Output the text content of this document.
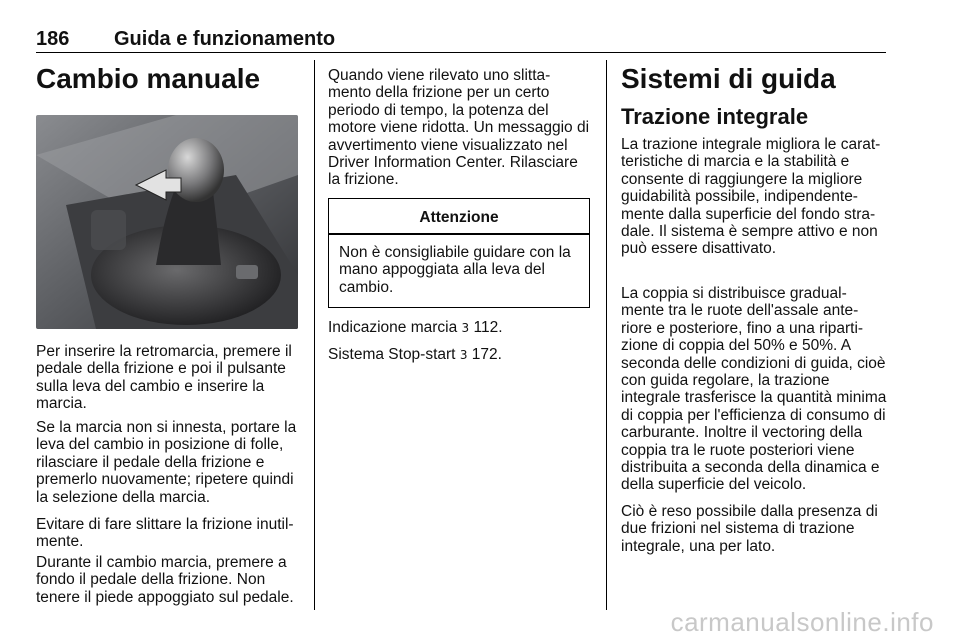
186 Guida e funzionamento
Cambio manuale

Per inserire la retromarcia, premere il pedale della frizione e poi il pulsante sulla leva del cambio e inserire la marcia.

Se la marcia non si innesta, portare la leva del cambio in posizione di folle, rilasciare il pedale della frizione e premerlo nuovamente; ripetere quindi la selezione della marcia.

Evitare di fare slittare la frizione inutil-mente.

Durante il cambio marcia, premere a fondo il pedale della frizione. Non tenere il piede appoggiato sul pedale.

Quando viene rilevato uno slitta-mento della frizione per un certo periodo di tempo, la potenza del motore viene ridotta. Un messaggio di avvertimento viene visualizzato nel Driver Information Center. Rilasciare la frizione.

Attenzione

Non è consigliabile guidare con la mano appoggiata alla leva del cambio.

Indicazione marcia 3 112.
Sistema Stop-start 3 172.
Sistemi di guida
Trazione integrale

La trazione integrale migliora le carat-teristiche di marcia e la stabilità e consente di raggiungere la migliore guidabilità possibile, indipendente-mente dalla superficie del fondo stra-dale. Il sistema è sempre attivo e non può essere disattivato.

La coppia si distribuisce gradual-mente tra le ruote dell'assale ante-riore e posteriore, fino a una riparti-zione di coppia del 50% e 50%. A seconda delle condizioni di guida, cioè con guida regolare, la trazione integrale trasferisce la quantità minima di coppia per l'efficienza di consumo di carburante. Inoltre il vectoring della coppia tra le ruote posteriori viene distribuita a seconda della dinamica e della superficie del veicolo.

Ciò è reso possibile dalla presenza di due frizioni nel sistema di trazione integrale, una per lato.

carmanualsonline.info
